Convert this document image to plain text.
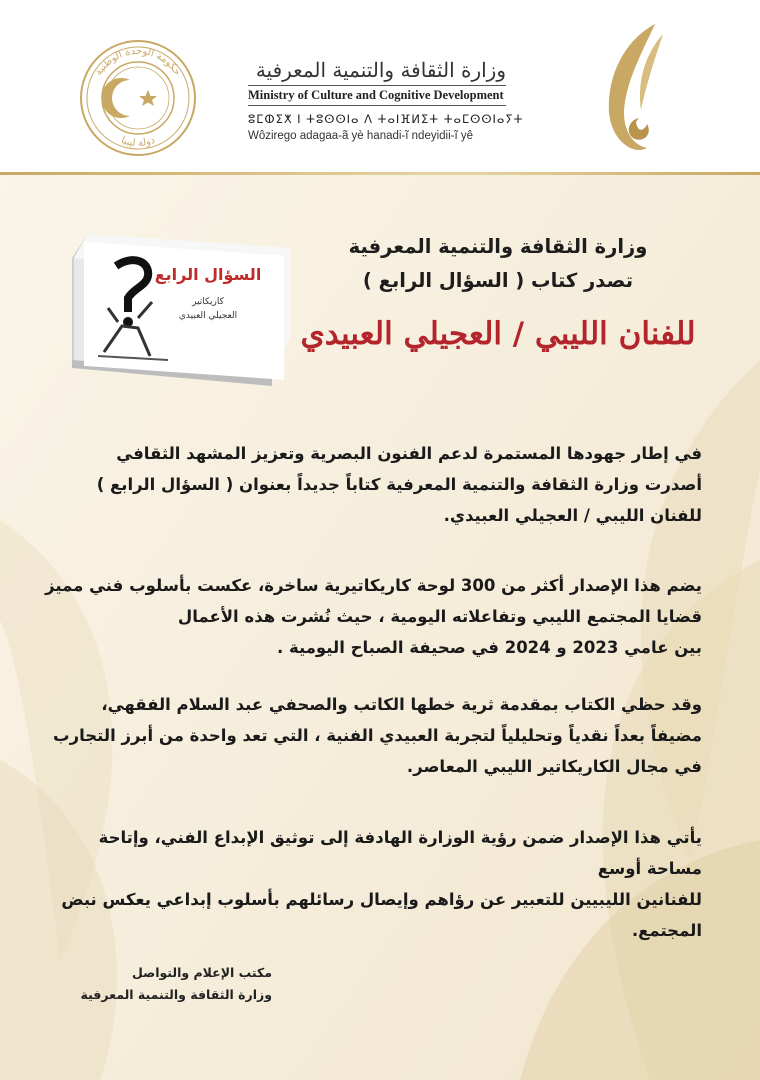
حكومة الوحدة الوطنية
دولة ليبيا
وزارة الثقافة والتنمية المعرفية
Ministry of Culture and Cognitive Development
ⵓⵎⵀⵉⵅ ⵏ ⵜⵓⵙⵙⵏⴰ ⴷ ⵜⴰⵏⴼⵍⵉⵜ ⵜⴰⵎⵙⵙⵏⴰⵢⵜ
Wôzirego adagaa-ã yè hanadi-ĩ ndeyidii-ĩ yê
السؤال الرابع
كاريكاتير
العجيلي العبيدي
وزارة الثقافة والتنمية المعرفية
تصدر كتاب ( السؤال الرابع )
للفنان الليبي / العجيلي العبيدي

في إطار جهودها المستمرة لدعم الفنون البصرية وتعزيز المشهد الثقافي

أصدرت وزارة الثقافة والتنمية المعرفية كتاباً جديداً بعنوان ( السؤال الرابع )

للفنان الليبي / العجيلي العبيدي.

يضم هذا الإصدار أكثر من 300 لوحة كاريكاتيرية ساخرة، عكست بأسلوب فني مميز

قضايا المجتمع الليبي وتفاعلاته اليومية ، حيث نُشرت هذه الأعمال

بين عامي 2023 و 2024 في صحيفة الصباح اليومية .

وقد حظي الكتاب بمقدمة ثرية خطها الكاتب والصحفي عبد السلام الفقهي،

مضيفاً بعداً نقدياً وتحليلياً لتجربة العبيدي الفنية ، التي تعد واحدة من أبرز التجارب

في مجال الكاريكاتير الليبي المعاصر.

يأتي هذا الإصدار ضمن رؤية الوزارة الهادفة إلى توثيق الإبداع الفني، وإتاحة مساحة أوسع

للفنانين الليبيين للتعبير عن رؤاهم وإيصال رسائلهم بأسلوب إبداعي يعكس نبض المجتمع.

مكتب الإعلام والتواصل
وزارة الثقافة والتنمية المعرفية
